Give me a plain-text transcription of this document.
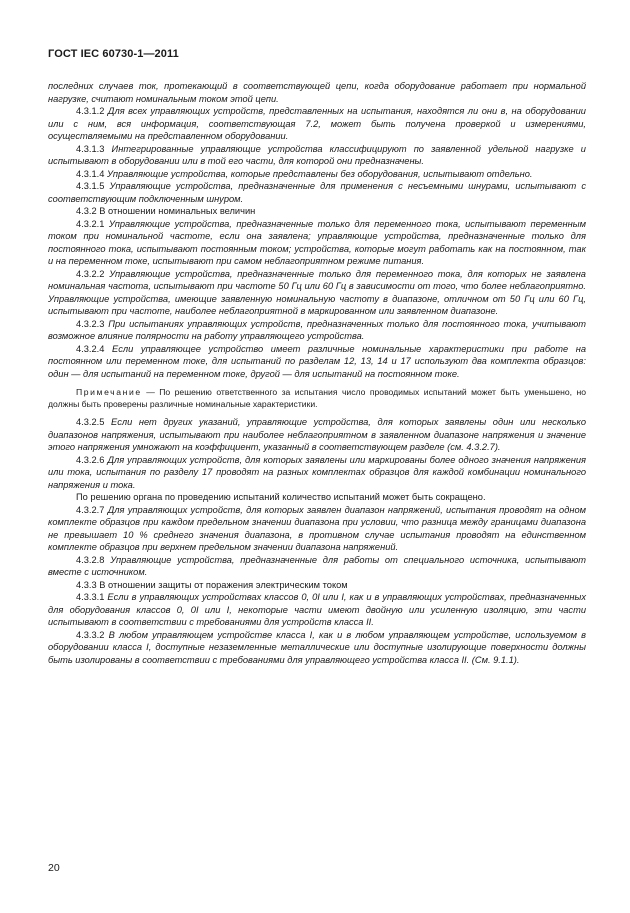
ГОСТ IEC 60730-1—2011

последних случаев ток, протекающий в соответствующей цепи, когда оборудование работает при нормальной нагрузке, считают номинальным током этой цепи.

4.3.1.2 Для всех управляющих устройств, представленных на испытания, находятся ли они в, на оборудовании или с ним, вся информация, соответствующая 7.2, может быть получена проверкой и измерениями, осуществляемыми на представленном оборудовании.

4.3.1.3 Интегрированные управляющие устройства классифицируют по заявленной удельной нагрузке и испытывают в оборудовании или в той его части, для которой они предназначены.

4.3.1.4 Управляющие устройства, которые представлены без оборудования, испытывают отдельно.

4.3.1.5 Управляющие устройства, предназначенные для применения с несъемными шнурами, испытывают с соответствующим подключенным шнуром.

4.3.2 В отношении номинальных величин

4.3.2.1 Управляющие устройства, предназначенные только для переменного тока, испытывают переменным током при номинальной частоте, если она заявлена; управляющие устройства, предназначенные только для постоянного тока, испытывают постоянным током; устройства, которые могут работать как на постоянном, так и на переменном токе, испытывают при самом неблагоприятном режиме питания.

4.3.2.2 Управляющие устройства, предназначенные только для переменного тока, для которых не заявлена номинальная частота, испытывают при частоте 50 Гц или 60 Гц в зависимости от того, что более неблагоприятно. Управляющие устройства, имеющие заявленную номинальную частоту в диапазоне, отличном от 50 Гц или 60 Гц, испытывают при частоте, наиболее неблагоприятной в маркированном или заявленном диапазоне.

4.3.2.3 При испытаниях управляющих устройств, предназначенных только для постоянного тока, учитывают возможное влияние полярности на работу управляющего устройства.

4.3.2.4 Если управляющее устройство имеет различные номинальные характеристики при работе на постоянном или переменном токе, для испытаний по разделам 12, 13, 14 и 17 используют два комплекта образцов: один — для испытаний на переменном токе, другой — для испытаний на постоянном токе.

Примечание — По решению ответственного за испытания число проводимых испытаний может быть уменьшено, но должны быть проверены различные номинальные характеристики.

4.3.2.5 Если нет других указаний, управляющие устройства, для которых заявлены один или несколько диапазонов напряжения, испытывают при наиболее неблагоприятном в заявленном диапазоне напряжения и значение этого напряжения умножают на коэффициент, указанный в соответствующем разделе (см. 4.3.2.7).

4.3.2.6 Для управляющих устройств, для которых заявлены или маркированы более одного значения напряжения или тока, испытания по разделу 17 проводят на разных комплектах образцов для каждой комбинации номинального напряжения и тока.

По решению органа по проведению испытаний количество испытаний может быть сокращено.

4.3.2.7 Для управляющих устройств, для которых заявлен диапазон напряжений, испытания проводят на одном комплекте образцов при каждом предельном значении диапазона при условии, что разница между границами диапазона не превышает 10 % среднего значения диапазона, в противном случае испытания проводят на единственном комплекте образцов при верхнем предельном значении диапазона напряжений.

4.3.2.8 Управляющие устройства, предназначенные для работы от специального источника, испытывают вместе с источником.

4.3.3 В отношении защиты от поражения электрическим током

4.3.3.1 Если в управляющих устройствах классов 0, 0I или I, как и в управляющих устройствах, предназначенных для оборудования классов 0, 0I или I, некоторые части имеют двойную или усиленную изоляцию, эти части испытывают в соответствии с требованиями для устройств класса II.

4.3.3.2 В любом управляющем устройстве класса I, как и в любом управляющем устройстве, используемом в оборудовании класса I, доступные незаземленные металлические или доступные изолирующие поверхности должны быть изолированы в соответствии с требованиями для управляющего устройства класса II. (См. 9.1.1).

20
